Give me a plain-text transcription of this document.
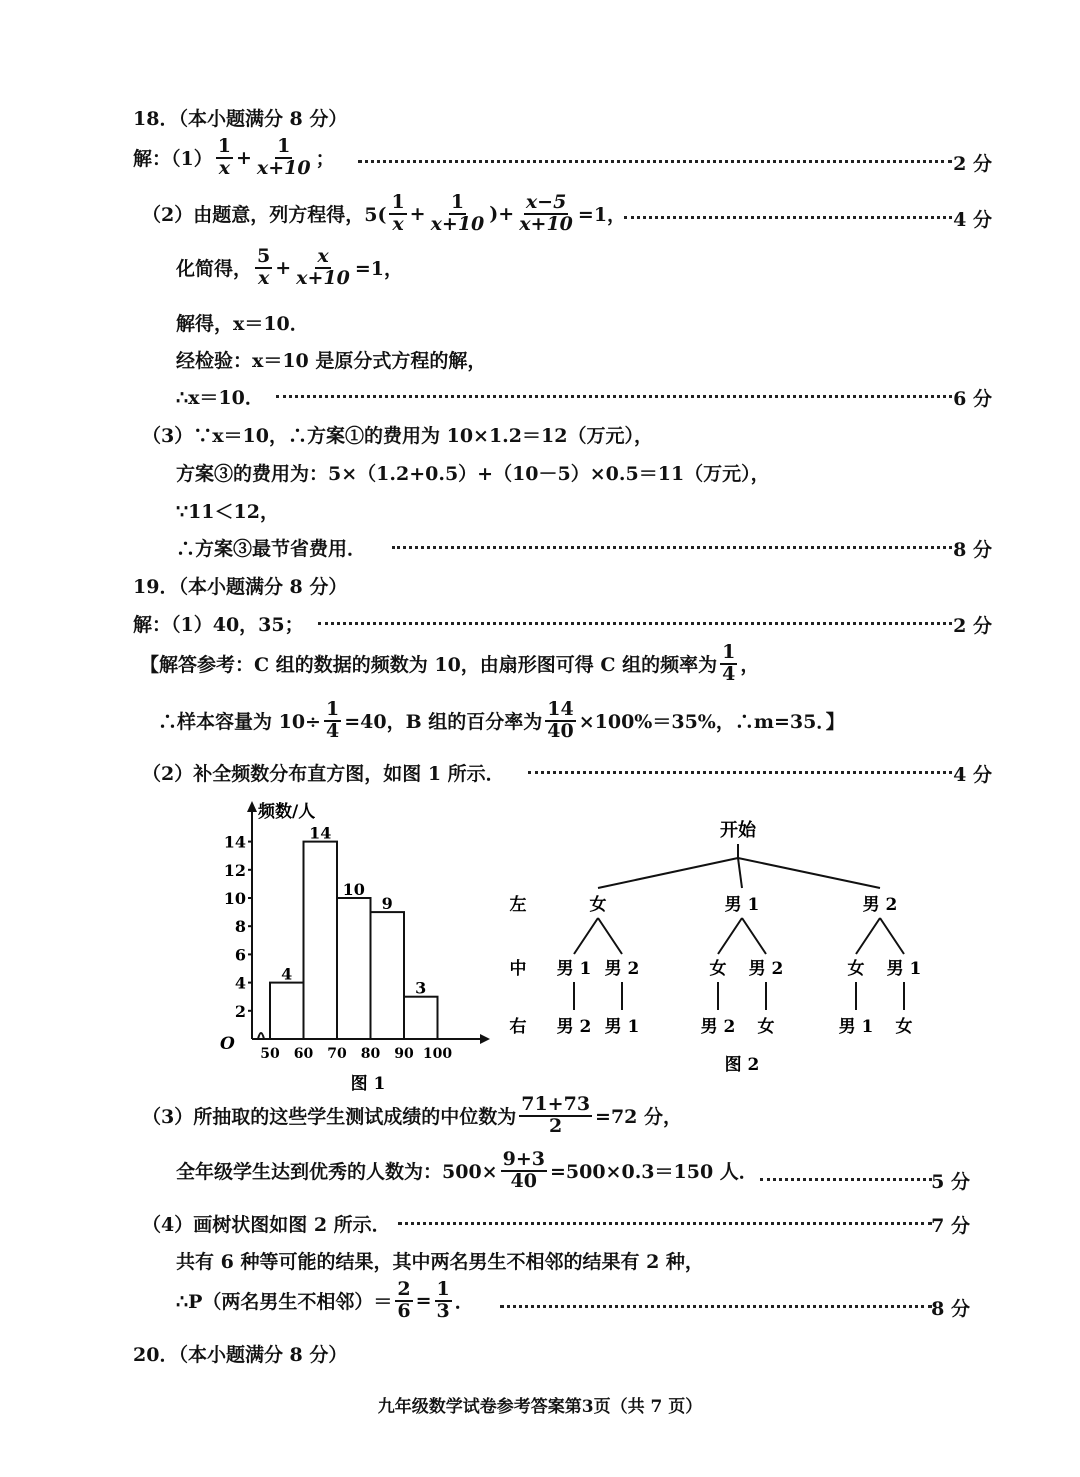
18．（本小题满分 8 分）
解：$(1) \frac{1}{x} + \frac{1}{x+10}$ ；	2 分
（2）由题意，列方程得，$5( \frac{1}{x} + \frac{1}{x+10}$ )+ $\frac{x-5}{x+10} =1$，	4 分
化简得， $\frac{5}{x} + \frac{x}{x+10} =1$，
解得，x＝10．
经检验：x＝10 是原分式方程的解，
∴x＝10．	6 分
（3）∵x＝10，∴方案①的费用为 10×1.2＝12（万元），
方案③的费用为：5×（1.2+0.5）+（10－5）×0.5＝11（万元），
∵11＜12，
∴方案③最节省费用．	8 分
19．（本小题满分 8 分）
解：（1）40，35；	2 分
【解答参考：C 组的数据的频数为 10，由扇形图可得 C 组的频率为 $\frac{1}{4}$ ，
∴样本容量为 $10\div \frac{1}{4} =40$，B 组的百分率为 $\frac{14}{40} \times 100\%=35\%$，∴m=35．】
（2）补全频数分布直方图，如图 1 所示．	4 分
频数/人
O
2
4
6
8
10
12
14
50 60 70 80 90 100
4
14
10
9
3
图 1
开始
左
中
右
女
男 1
男 2
男 2
男 1
男 1
女
男 2
男 2
女
男 2
女
男 1
男 1
女
图 2
（3）所抽取的这些学生测试成绩的中位数为 $\frac{71+73}{2} =72$ 分，
全年级学生达到优秀的人数为：$500\times \frac{9+3}{40} =500\times 0.3=150$ 人．	5 分
（4）画树状图如图 2 所示．	7 分
共有 6 种等可能的结果，其中两名男生不相邻的结果有 2 种，
∴P（两名男生不相邻）＝ $\frac{2}{6} = \frac{1}{3}$ ．	8 分
20．（本小题满分 8 分）
九年级数学试卷参考答案第3页（共 7 页）
